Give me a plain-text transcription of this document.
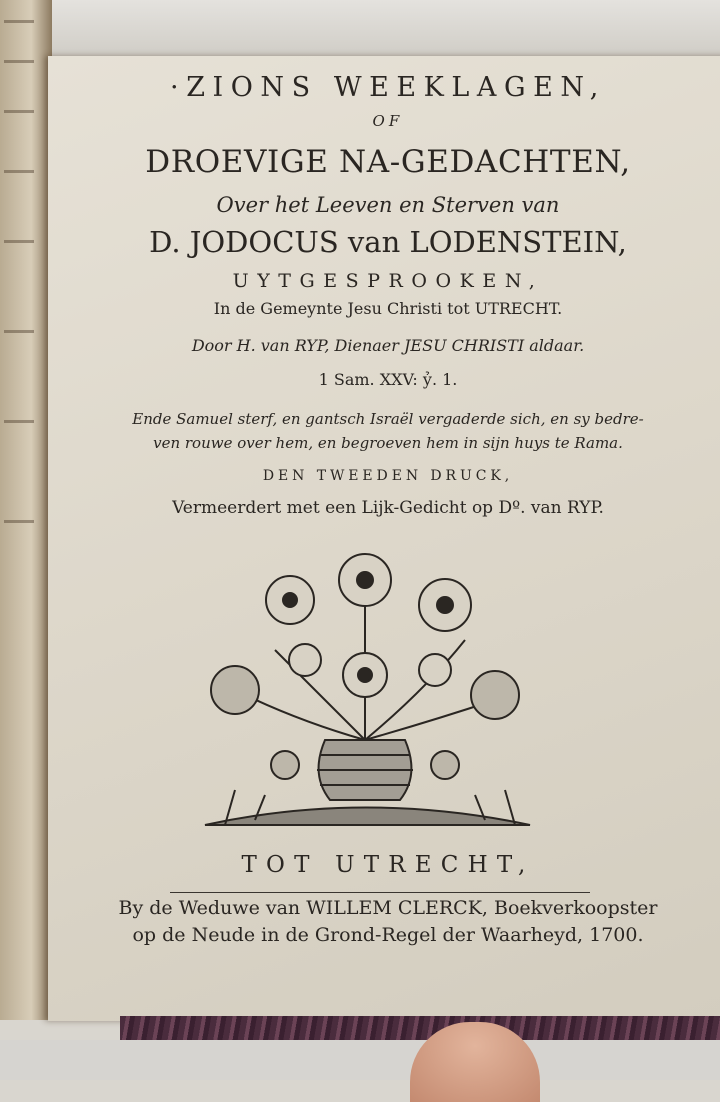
·ZIONS WEEKLAGEN,
OF
DROEVIGE NA-GEDACHTEN,
Over het Leeven en Sterven van
D. JODOCUS van LODENSTEIN,
UYTGESPROOKEN,
In de Gemeynte Jesu Christi tot UTRECHT.
Door H. van RYP, Dienaer JESU CHRISTI aldaar.
1 Sam. XXV: ỷ. 1.
Ende Samuel sterf, en gantsch Israël vergaderde sich, en sy bedre-
ven rouwe over hem, en begroeven hem in sijn huys te Rama.
DEN TWEEDEN DRUCK,
Vermeerdert met een Lijk-Gedicht op Dº. van RYP.
TOT UTRECHT,
By de Weduwe van WILLEM CLERCK, Boekverkoopster
op de Neude in de Grond-Regel der Waarheyd, 1700.
